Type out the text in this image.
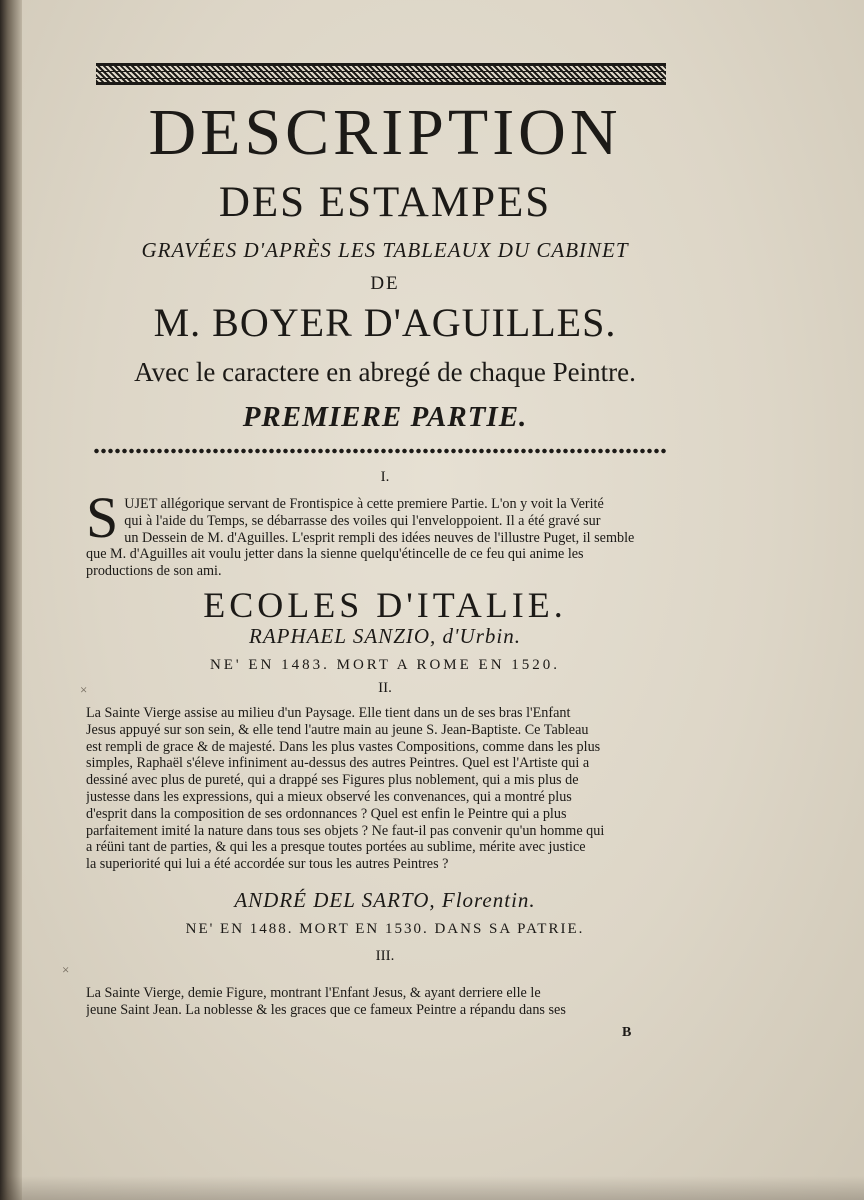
DESCRIPTION
DES ESTAMPES
GRAVÉES D'APRÈS LES TABLEAUX DU CABINET
DE
M. BOYER D'AGUILLES.
Avec le caractere en abregé de chaque Peintre.
PREMIERE PARTIE.
I.
S UJET allégorique servant de Frontispice à cette premiere Partie. L'on y voit la Verité
qui à l'aide du Temps, se débarrasse des voiles qui l'enveloppoient. Il a été gravé sur
un Dessein de M. d'Aguilles. L'esprit rempli des idées neuves de l'illustre Puget, il semble
que M. d'Aguilles ait voulu jetter dans la sienne quelqu'étincelle de ce feu qui anime les
productions de son ami.
ECOLES D'ITALIE.
RAPHAEL SANZIO, d'Urbin.
NE' EN 1483. MORT A ROME EN 1520.
×	II.
La Sainte Vierge assise au milieu d'un Paysage. Elle tient dans un de ses bras l'Enfant
Jesus appuyé sur son sein, & elle tend l'autre main au jeune S. Jean-Baptiste. Ce Tableau
est rempli de grace & de majesté. Dans les plus vastes Compositions, comme dans les plus
simples, Raphaël s'éleve infiniment au-dessus des autres Peintres. Quel est l'Artiste qui a
dessiné avec plus de pureté, qui a drappé ses Figures plus noblement, qui a mis plus de
justesse dans les expressions, qui a mieux observé les convenances, qui a montré plus
d'esprit dans la composition de ses ordonnances ? Quel est enfin le Peintre qui a plus
parfaitement imité la nature dans tous ses objets ? Ne faut-il pas convenir qu'un homme qui
a réüni tant de parties, & qui les a presque toutes portées au sublime, mérite avec justice
la superiorité qui lui a été accordée sur tous les autres Peintres ?
ANDRÉ DEL SARTO, Florentin.
NE' EN 1488. MORT EN 1530. DANS SA PATRIE.
III.
×
La Sainte Vierge, demie Figure, montrant l'Enfant Jesus, & ayant derriere elle le
jeune Saint Jean. La noblesse & les graces que ce fameux Peintre a répandu dans ses
B
